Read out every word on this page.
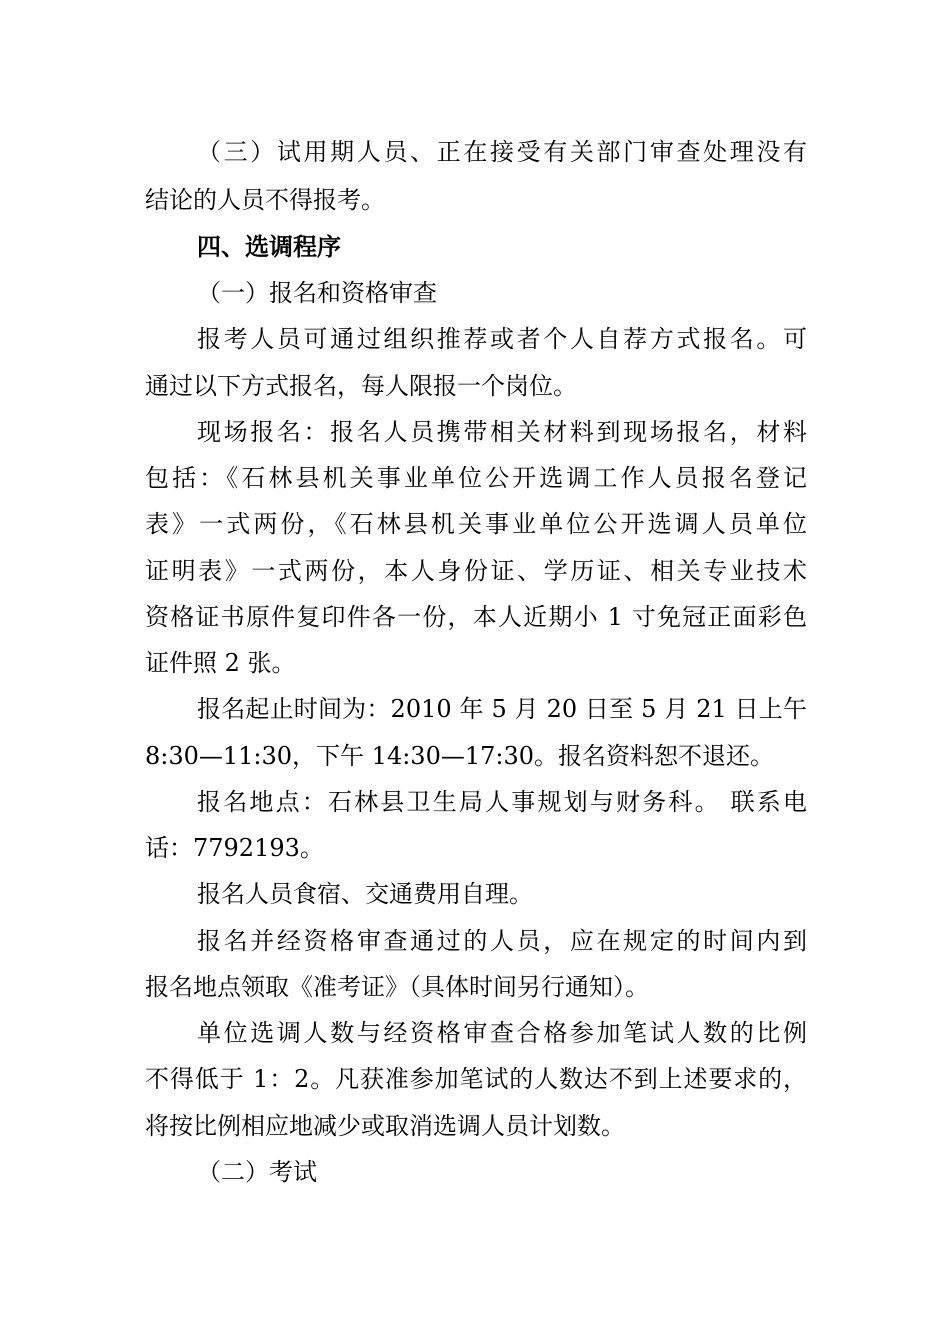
（三）试用期人员、正在接受有关部门审查处理没有
结论的人员不得报考。
四、选调程序
（一）报名和资格审查
报考人员可通过组织推荐或者个人自荐方式报名。可
通过以下方式报名，每人限报一个岗位。
现场报名：报名人员携带相关材料到现场报名，材料
包括：《石林县机关事业单位公开选调工作人员报名登记
表》一式两份，《石林县机关事业单位公开选调人员单位
证明表》一式两份，本人身份证、学历证、相关专业技术
资格证书原件复印件各一份，本人近期小 1 寸免冠正面彩色
证件照 2 张。
报名起止时间为：2010 年 5 月 20 日至 5 月 21 日上午
8:30—11:30，下午 14:30—17:30。报名资料恕不退还。
报名地点：石林县卫生局人事规划与财务科。 联系电
话：7792193。
报名人员食宿、交通费用自理。
报名并经资格审查通过的人员，应在规定的时间内到
报名地点领取《准考证》（具体时间另行通知）。
单位选调人数与经资格审查合格参加笔试人数的比例
不得低于 1：2。凡获准参加笔试的人数达不到上述要求的，
将按比例相应地减少或取消选调人员计划数。
（二）考试
